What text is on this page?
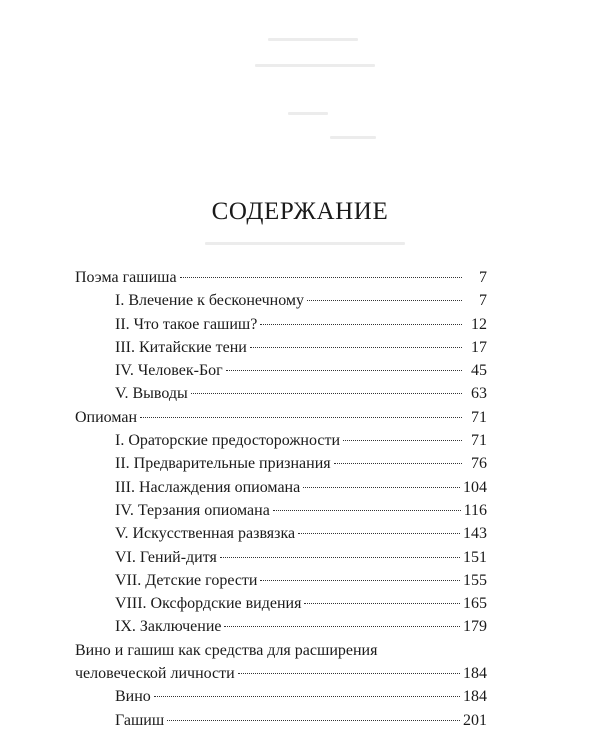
СОДЕРЖАНИЕ
Поэма гашиша	7
I. Влечение к бесконечному	7
II. Что такое гашиш?	12
III. Китайские тени	17
IV. Человек-Бог	45
V. Выводы	63
Опиоман	71
I. Ораторские предосторожности	71
II. Предварительные признания	76
III. Наслаждения опиомана	104
IV. Терзания опиомана	116
V. Искусственная развязка	143
VI. Гений-дитя	151
VII. Детские горести	155
VIII. Оксфордские видения	165
IX. Заключение	179
Вино и гашиш как средства для расширения
человеческой личности	184
Вино	184
Гашиш	201
